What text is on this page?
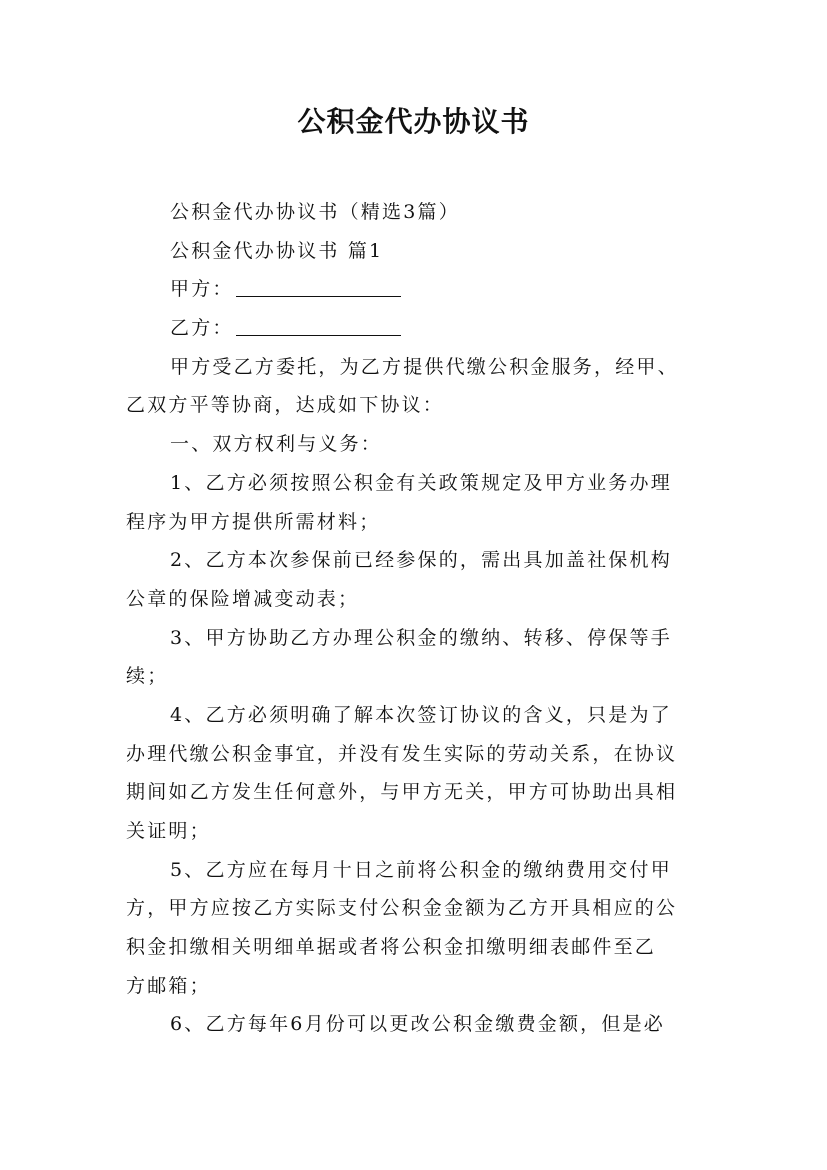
公积金代办协议书
公积金代办协议书（精选3篇）
公积金代办协议书 篇1
甲方：
乙方：
甲方受乙方委托，为乙方提供代缴公积金服务，经甲、
乙双方平等协商，达成如下协议：
一、双方权利与义务：
1、乙方必须按照公积金有关政策规定及甲方业务办理
程序为甲方提供所需材料；
2、乙方本次参保前已经参保的，需出具加盖社保机构
公章的保险增减变动表；
3、甲方协助乙方办理公积金的缴纳、转移、停保等手
续；
4、乙方必须明确了解本次签订协议的含义，只是为了
办理代缴公积金事宜，并没有发生实际的劳动关系，在协议
期间如乙方发生任何意外，与甲方无关，甲方可协助出具相
关证明；
5、乙方应在每月十日之前将公积金的缴纳费用交付甲
方，甲方应按乙方实际支付公积金金额为乙方开具相应的公
积金扣缴相关明细单据或者将公积金扣缴明细表邮件至乙
方邮箱；
6、乙方每年6月份可以更改公积金缴费金额，但是必
